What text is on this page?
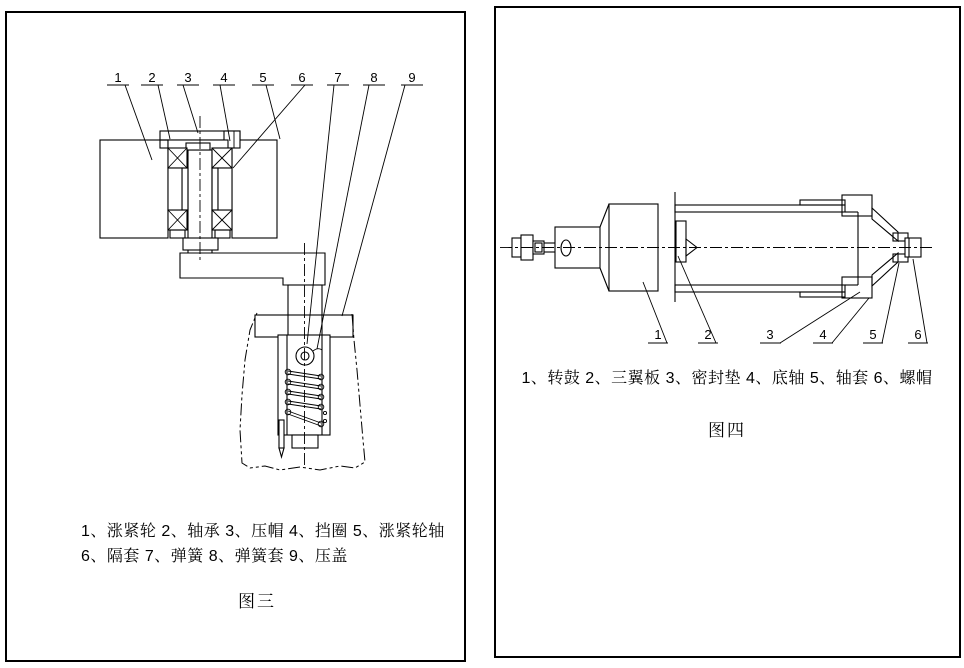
1 2 3 4 5 6 7 8 9
1、涨紧轮 2、轴承 3、压帽 4、挡圈 5、涨紧轮轴
6、隔套 7、弹簧 8、弹簧套 9、压盖
图三
1	2	3	4	5	6
1、转鼓 2、三翼板 3、密封垫 4、底轴 5、轴套 6、螺帽
图四
